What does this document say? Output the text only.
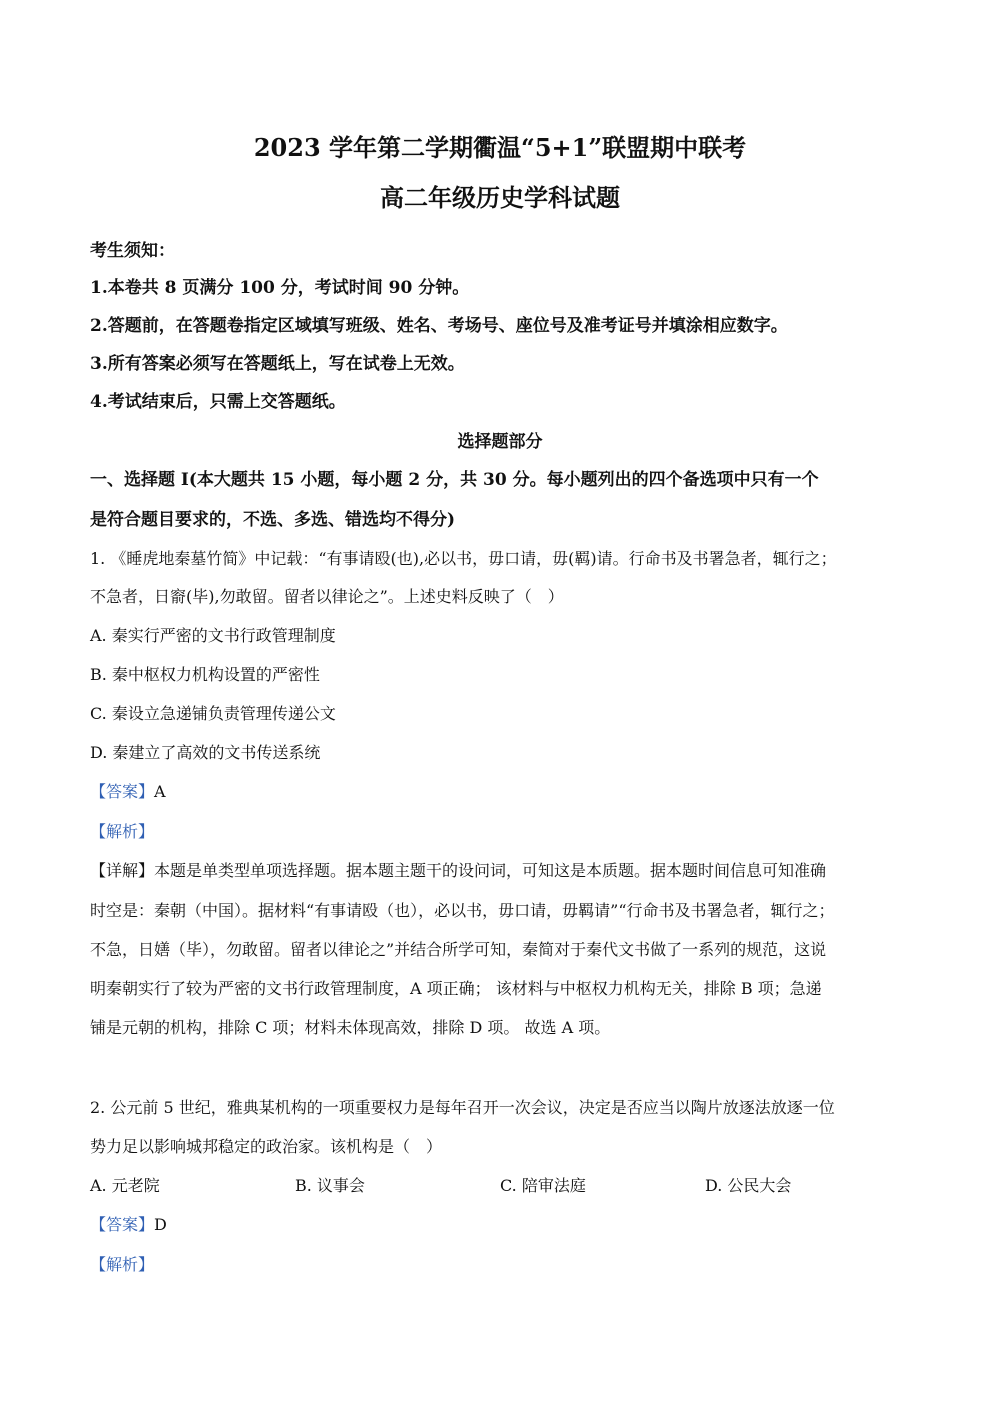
2023 学年第二学期衢温“5+1”联盟期中联考
高二年级历史学科试题
考生须知：
1.本卷共 8 页满分 100 分，考试时间 90 分钟。
2.答题前，在答题卷指定区域填写班级、姓名、考场号、座位号及准考证号并填涂相应数字。
3.所有答案必须写在答题纸上，写在试卷上无效。
4.考试结束后，只需上交答题纸。
选择题部分
一、选择题 I(本大题共 15 小题，每小题 2 分，共 30 分。每小题列出的四个备选项中只有一个
是符合题目要求的，不选、多选、错选均不得分)
1. 《睡虎地秦墓竹简》中记载：“有事请殴(也),必以书，毋口请，毋(羁)请。行命书及书署急者，辄行之；
不急者，日窬(毕),勿敢留。留者以律论之”。上述史料反映了（　）
A. 秦实行严密的文书行政管理制度
B. 秦中枢权力机构设置的严密性
C. 秦设立急递铺负责管理传递公文
D. 秦建立了高效的文书传送系统
【答案】A
【解析】
【详解】本题是单类型单项选择题。据本题主题干的设问词，可知这是本质题。据本题时间信息可知准确
时空是：秦朝（中国）。据材料“有事请殴（也），必以书，毋口请，毋羁请”“行命书及书署急者，辄行之；
不急，日嫸（毕），勿敢留。留者以律论之”并结合所学可知，秦简对于秦代文书做了一系列的规范，这说
明秦朝实行了较为严密的文书行政管理制度，A 项正确； 该材料与中枢权力机构无关，排除 B 项；急递
铺是元朝的机构，排除 C 项；材料未体现高效，排除 D 项。 故选 A 项。
2. 公元前 5 世纪，雅典某机构的一项重要权力是每年召开一次会议，决定是否应当以陶片放逐法放逐一位
势力足以影响城邦稳定的政治家。该机构是（　）
A. 元老院	B. 议事会	C. 陪审法庭	D. 公民大会
【答案】D
【解析】
